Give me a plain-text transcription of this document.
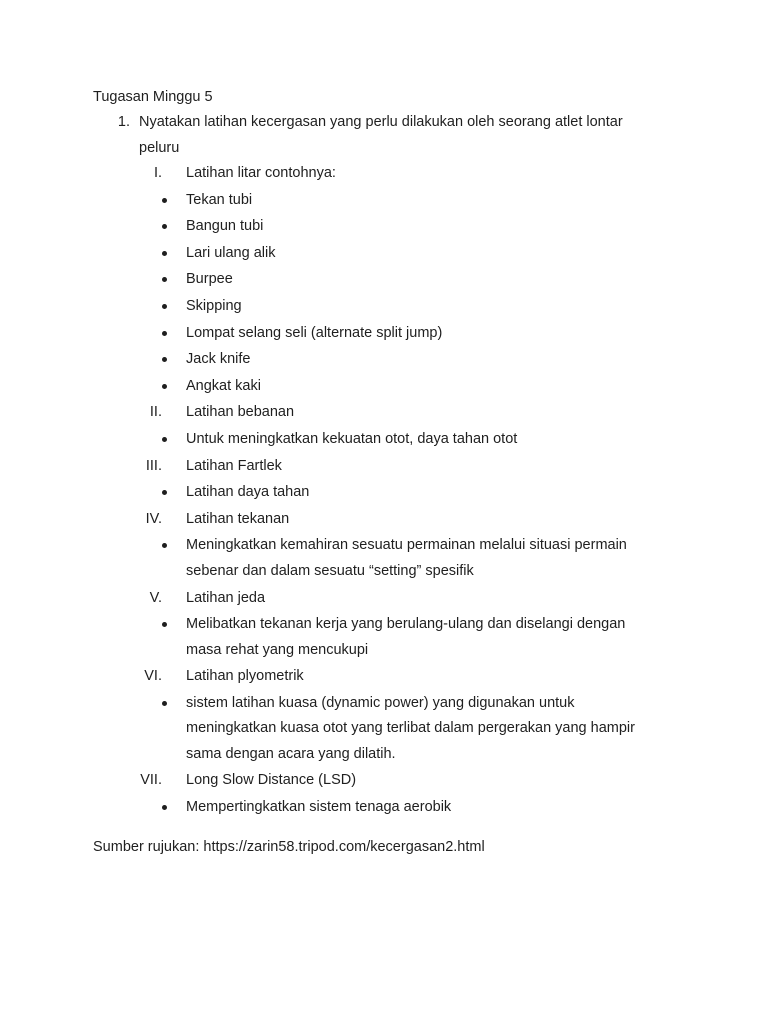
Tugasan Minggu 5
1. Nyatakan latihan kecergasan yang perlu dilakukan oleh seorang atlet lontar
peluru
I. Latihan litar contohnya:
Tekan tubi
Bangun tubi
Lari ulang alik
Burpee
Skipping
Lompat selang seli (alternate split jump)
Jack knife
Angkat kaki
II. Latihan bebanan
Untuk meningkatkan kekuatan otot, daya tahan otot
III. Latihan Fartlek
Latihan daya tahan
IV. Latihan tekanan
Meningkatkan kemahiran sesuatu permainan melalui situasi permain
sebenar dan dalam sesuatu “setting” spesifik
V. Latihan jeda
Melibatkan tekanan kerja yang berulang-ulang dan diselangi dengan
masa rehat yang mencukupi
VI. Latihan plyometrik
sistem latihan kuasa (dynamic power) yang digunakan untuk
meningkatkan kuasa otot yang terlibat dalam pergerakan yang hampir
sama dengan acara yang dilatih.
VII. Long Slow Distance (LSD)
Mempertingkatkan sistem tenaga aerobik
Sumber rujukan: https://zarin58.tripod.com/kecergasan2.html
